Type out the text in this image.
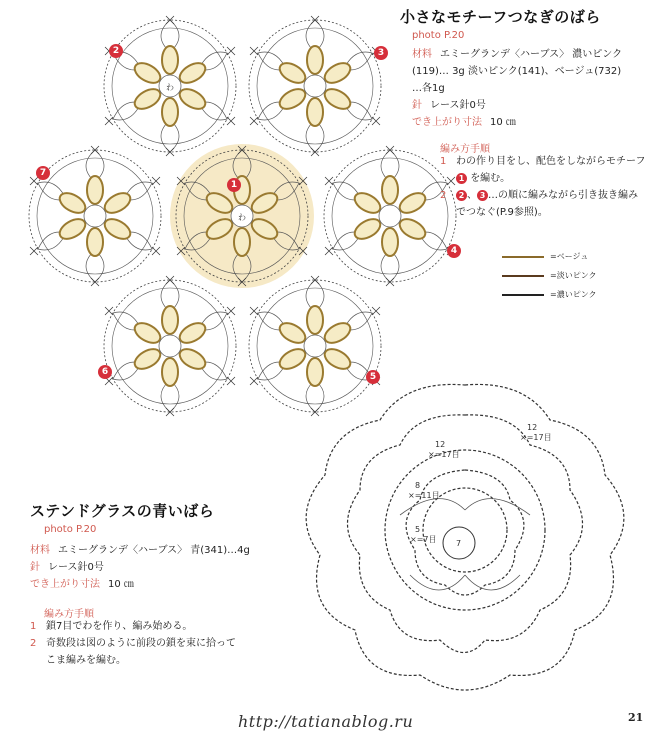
わ
わ
2	3
1
4
5
6
7
小さなモチーフつなぎのばら
photo P.20
材料 エミーグランデ〈ハーブス〉 濃いピンク
(119)… 3g 淡いピンク(141)、ベージュ(732)
…各1g
針 レース針0号
でき上がり寸法 10 ㎝
編み方手順
1 わの作り目をし、配色をしながらモチーフ
1 を編む。
2 2 、 3 …の順に編みながら引き抜き編み
でつなぐ(P.9参照)。
=ベージュ
=淡いピンク
=濃いピンク
12
×=17目
12
×=17目
8
×=11目
5
×=7目 7
ステンドグラスの青いばら
photo P.20
材料 エミーグランデ〈ハーブス〉 青(341)…4g
針 レース針0号
でき上がり寸法 10 ㎝
編み方手順
1 鎖7目でわを作り、編み始める。
2 奇数段は図のように前段の鎖を束に拾って
こま編みを編む。
http://tatianablog.ru	21
